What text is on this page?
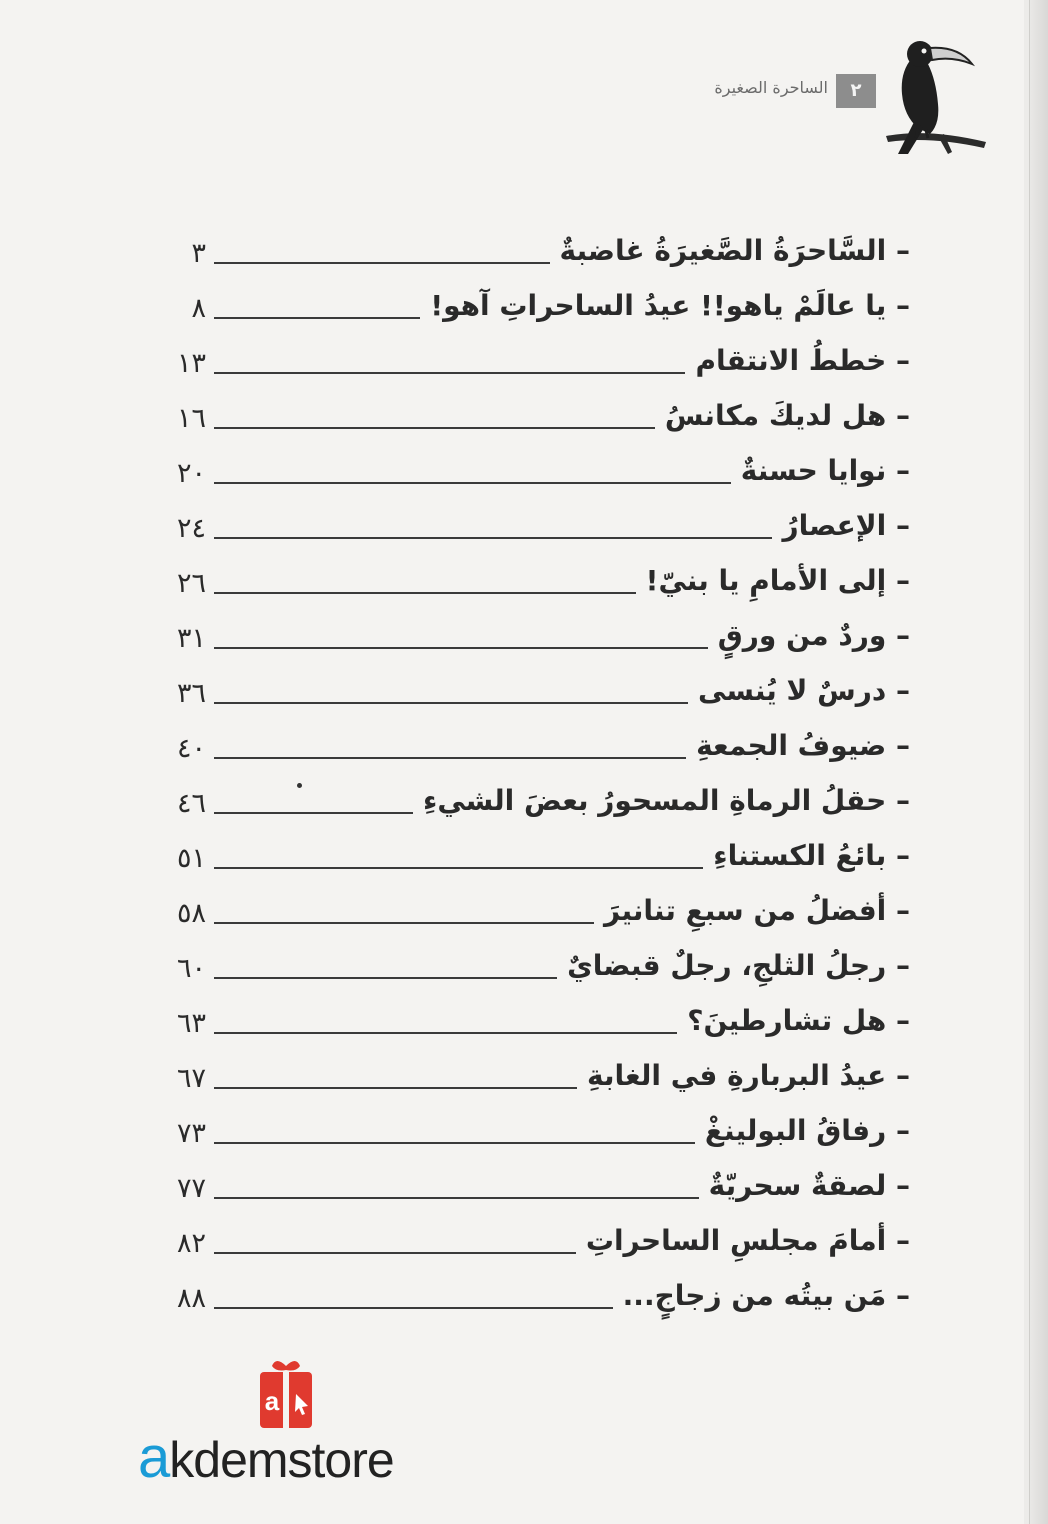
الساحرة الصغيرة	٢
٣	– السَّاحرَةُ الصَّغيرَةُ غاضبةٌ
٨	– يا عالَمْ ياهو!! عيدُ الساحراتِ آهو!
١٣	– خططُ الانتقام
١٦	– هل لديكَ مكانسُ
٢٠	– نوايا حسنةٌ
٢٤	– الإعصارُ
٢٦	– إلى الأمامِ يا بنيّ!
٣١	– وردٌ من ورقٍ
٣٦	– درسٌ لا يُنسى
٤٠	– ضيوفُ الجمعةِ
٤٦	– حقلُ الرماةِ المسحورُ بعضَ الشيءِ
٥١	– بائعُ الكستناءِ
٥٨	– أفضلُ من سبعِ تنانيرَ
٦٠	– رجلُ الثلجِ، رجلٌ قبضايٌ
٦٣	– هل تشارطينَ؟
٦٧	– عيدُ البربارةِ في الغابةِ
٧٣	– رفاقُ البولينغْ
٧٧	– لصقةٌ سحريّةٌ
٨٢	– أمامَ مجلسِ الساحراتِ
٨٨	– مَن بيتُه من زجاجٍ...
a
akdemstore
